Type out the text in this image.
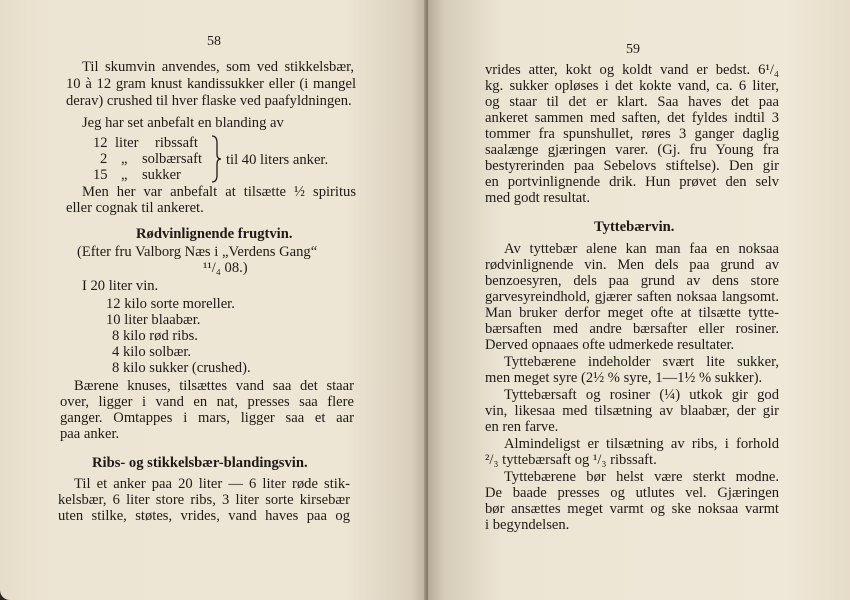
58
Til skumvin anvendes, som ved stikkelsbær,
10 à 12 gram knust kandissukker eller (i mangel
derav) crushed til hver flaske ved paafyldningen.
Jeg har set anbefalt en blanding av
12 liter ribssaft
2 „ solbærsaft
15 „ sukker
til 40 liters anker.
Men her var anbefalt at tilsætte ½ spiritus
eller cognak til ankeret.
Rødvinlignende frugtvin.
(Efter fru Valborg Næs i „Verdens Gang“
¹¹/₄ 08.)
I 20 liter vin.
12 kilo sorte moreller.
10 liter blaabær.
8 kilo rød ribs.
4 kilo solbær.
8 kilo sukker (crushed).
Bærene knuses, tilsættes vand saa det staar
over, ligger i vand en nat, presses saa flere
ganger. Omtappes i mars, ligger saa et aar
paa anker.
Ribs- og stikkelsbær-blandingsvin.
Til et anker paa 20 liter — 6 liter røde stik-
kelsbær, 6 liter store ribs, 3 liter sorte kirsebær
uten stilke, støtes, vrides, vand haves paa og
59
vrides atter, kokt og koldt vand er bedst. 6¹/₄
kg. sukker opløses i det kokte vand, ca. 6 liter,
og staar til det er klart. Saa haves det paa
ankeret sammen med saften, det fyldes indtil 3
tommer fra spunshullet, røres 3 ganger daglig
saalænge gjæringen varer. (Gj. fru Young fra
bestyrerinden paa Sebelovs stiftelse). Den gir
en portvinlignende drik. Hun prøvet den selv
med godt resultat.
Tyttebærvin.
Av tyttebær alene kan man faa en noksaa
rødvinlignende vin. Men dels paa grund av
benzoesyren, dels paa grund av dens store
garvesyreindhold, gjærer saften noksaa langsomt.
Man bruker derfor meget ofte at tilsætte tytte-
bærsaften med andre bærsafter eller rosiner.
Derved opnaaes ofte udmerkede resultater.
Tyttebærene indeholder svært lite sukker,
men meget syre (2½ % syre, 1—1½ % sukker).
Tyttebærsaft og rosiner (¼) utkok gir god
vin, likesaa med tilsætning av blaabær, der gir
en ren farve.
Almindeligst er tilsætning av ribs, i forhold
²/₃ tyttebærsaft og ¹/₃ ribssaft.
Tyttebærene bør helst være sterkt modne.
De baade presses og utlutes vel. Gjæringen
bør ansættes meget varmt og ske noksaa varmt
i begyndelsen.
